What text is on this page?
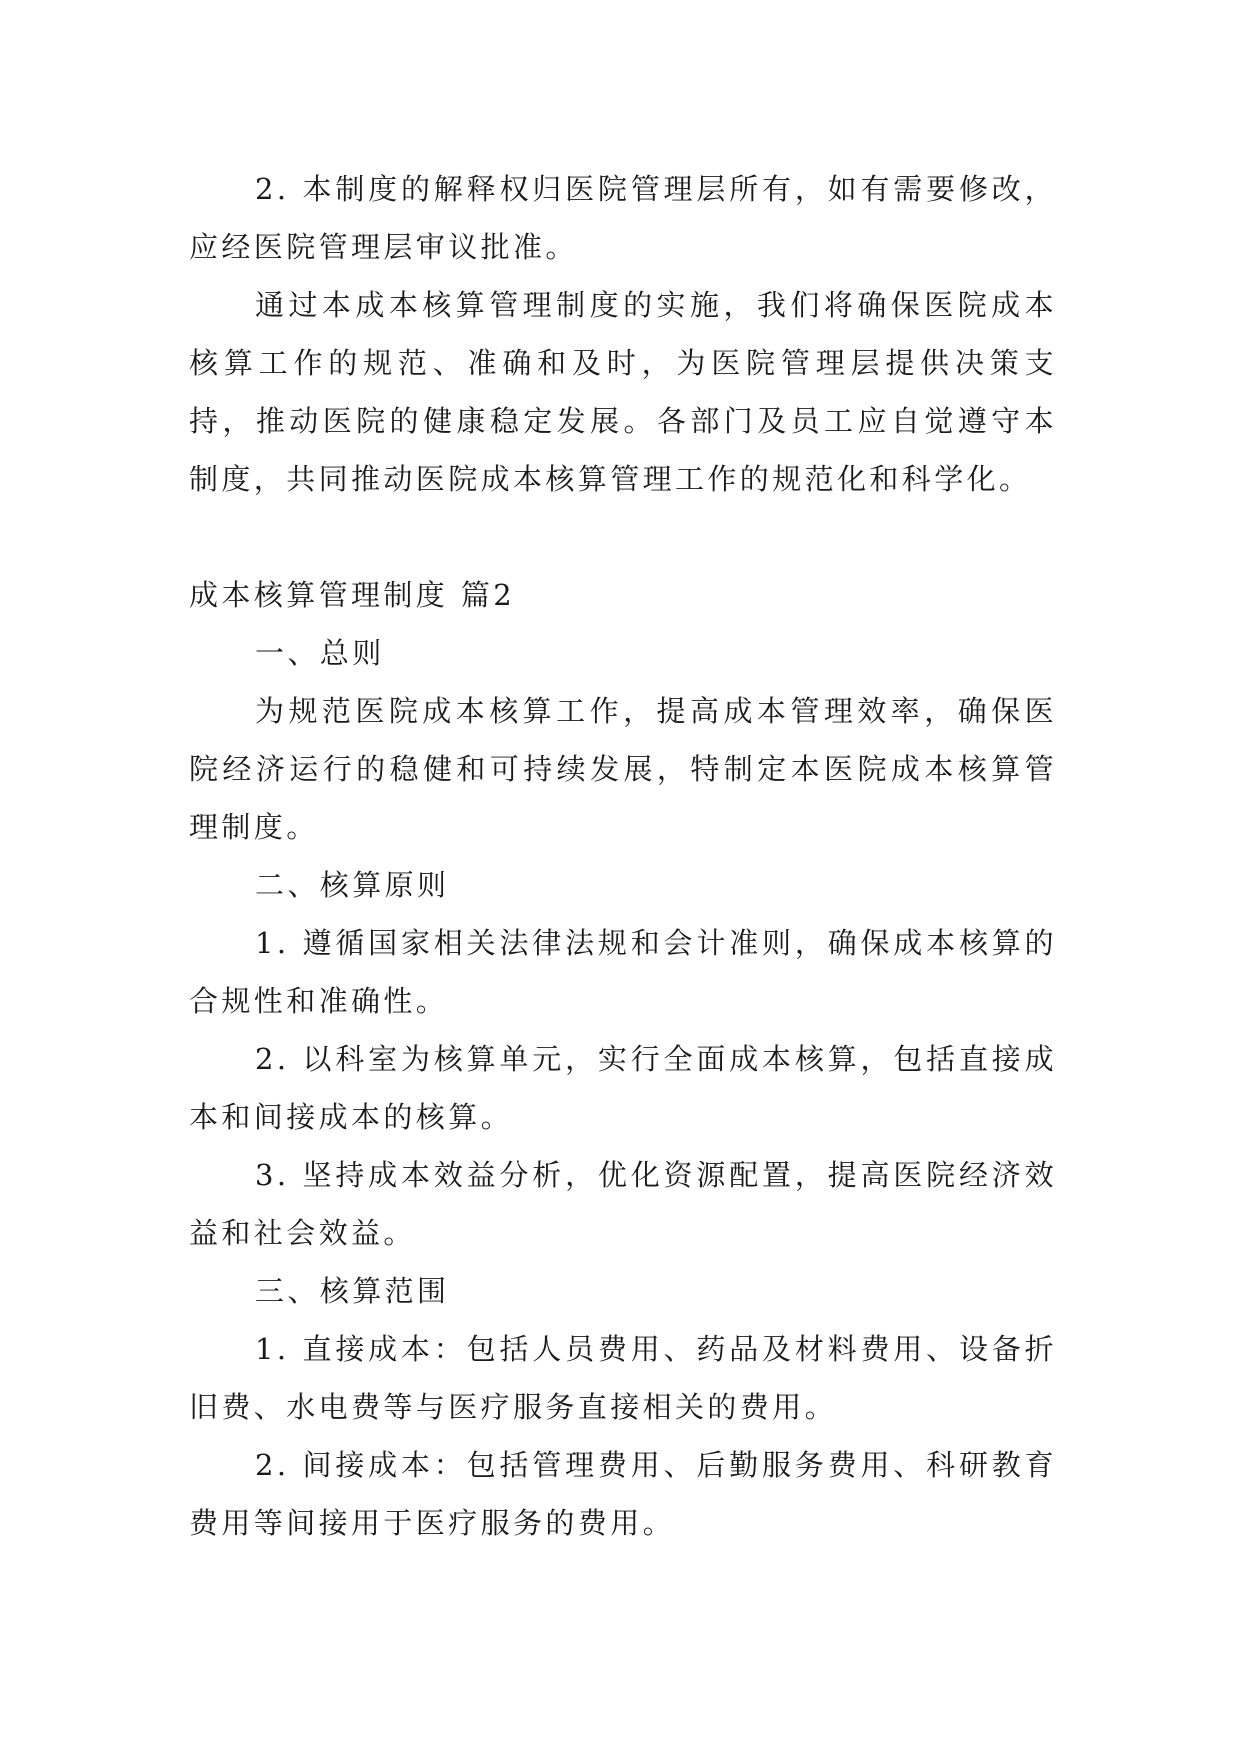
2. 本制度的解释权归医院管理层所有，如有需要修改，应经医院管理层审议批准。

通过本成本核算管理制度的实施，我们将确保医院成本核算工作的规范、准确和及时，为医院管理层提供决策支持，推动医院的健康稳定发展。各部门及员工应自觉遵守本制度，共同推动医院成本核算管理工作的规范化和科学化。

成本核算管理制度 篇2

一、总则

为规范医院成本核算工作，提高成本管理效率，确保医院经济运行的稳健和可持续发展，特制定本医院成本核算管理制度。

二、核算原则

1. 遵循国家相关法律法规和会计准则，确保成本核算的合规性和准确性。

2. 以科室为核算单元，实行全面成本核算，包括直接成本和间接成本的核算。

3. 坚持成本效益分析，优化资源配置，提高医院经济效益和社会效益。

三、核算范围

1. 直接成本：包括人员费用、药品及材料费用、设备折旧费、水电费等与医疗服务直接相关的费用。

2. 间接成本：包括管理费用、后勤服务费用、科研教育费用等间接用于医疗服务的费用。
